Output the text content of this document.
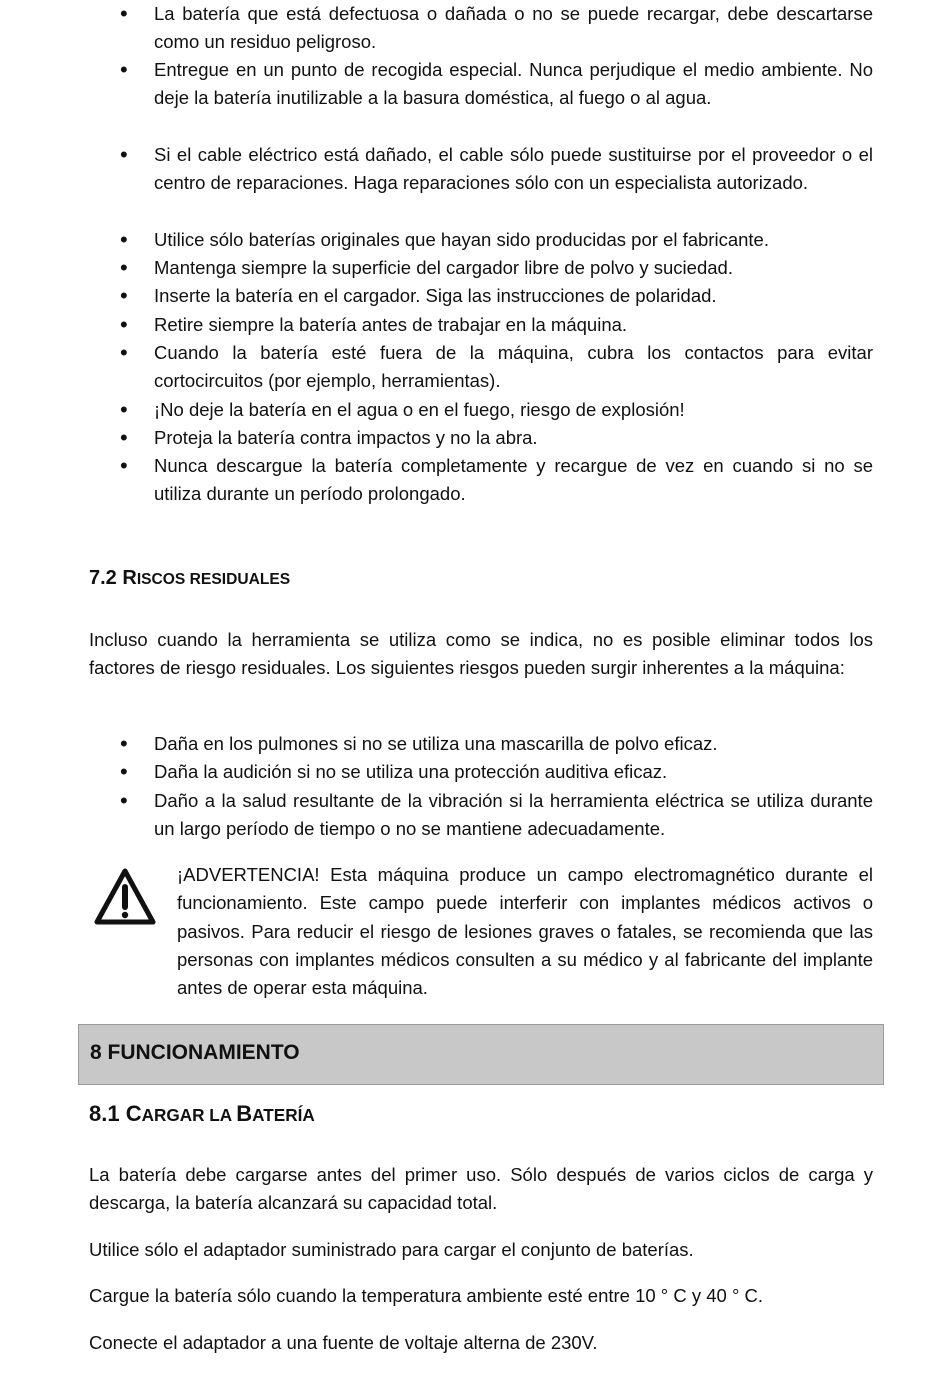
• La batería que está defectuosa o dañada o no se puede recargar, debe descartarse como un residuo peligroso.
• Entregue en un punto de recogida especial. Nunca perjudique el medio ambiente. No deje la batería inutilizable a la basura doméstica, al fuego o al agua.
• Si el cable eléctrico está dañado, el cable sólo puede sustituirse por el proveedor o el centro de reparaciones. Haga reparaciones sólo con un especialista autorizado.
• Utilice sólo baterías originales que hayan sido producidas por el fabricante.
• Mantenga siempre la superficie del cargador libre de polvo y suciedad.
• Inserte la batería en el cargador. Siga las instrucciones de polaridad.
• Retire siempre la batería antes de trabajar en la máquina.
• Cuando la batería esté fuera de la máquina, cubra los contactos para evitar cortocircuitos (por ejemplo, herramientas).
• ¡No deje la batería en el agua o en el fuego, riesgo de explosión!
• Proteja la batería contra impactos y no la abra.
• Nunca descargue la batería completamente y recargue de vez en cuando si no se utiliza durante un período prolongado.
7.2 RISCOS RESIDUALES

Incluso cuando la herramienta se utiliza como se indica, no es posible eliminar todos los factores de riesgo residuales. Los siguientes riesgos pueden surgir inherentes a la máquina:

• Daña en los pulmones si no se utiliza una mascarilla de polvo eficaz.
• Daña la audición si no se utiliza una protección auditiva eficaz.
• Daño a la salud resultante de la vibración si la herramienta eléctrica se utiliza durante un largo período de tiempo o no se mantiene adecuadamente.

¡ADVERTENCIA! Esta máquina produce un campo electromagnético durante el funcionamiento. Este campo puede interferir con implantes médicos activos o pasivos. Para reducir el riesgo de lesiones graves o fatales, se recomienda que las personas con implantes médicos consulten a su médico y al fabricante del implante antes de operar esta máquina.

8 FUNCIONAMIENTO
8.1 CARGAR LA BATERÍA

La batería debe cargarse antes del primer uso. Sólo después de varios ciclos de carga y descarga, la batería alcanzará su capacidad total.

Utilice sólo el adaptador suministrado para cargar el conjunto de baterías.

Cargue la batería sólo cuando la temperatura ambiente esté entre 10 ° C y 40 ° C.

Conecte el adaptador a una fuente de voltaje alterna de 230V.
